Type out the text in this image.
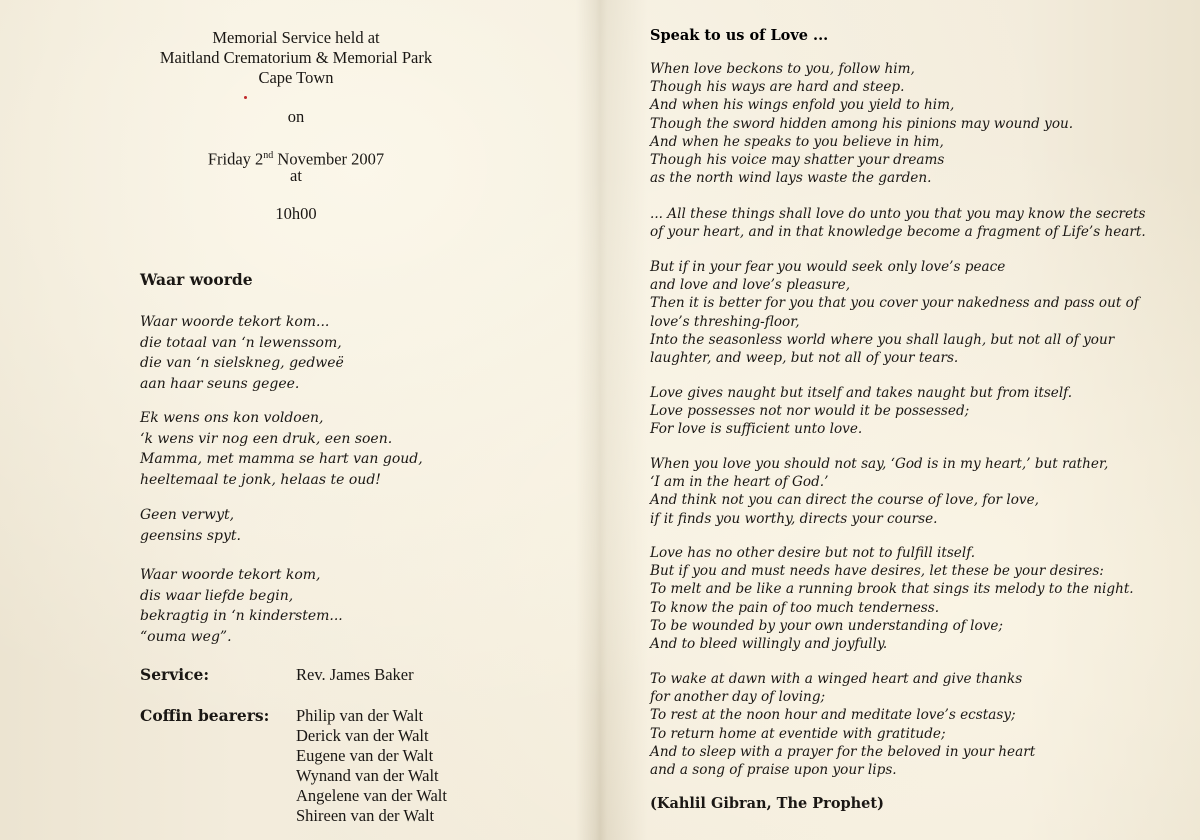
Memorial Service held at
Maitland Crematorium & Memorial Park
Cape Town
on
Friday 2nd November 2007
at
10h00
Waar woorde
Waar woorde tekort kom...
die totaal van ‘n lewenssom,
die van ‘n sielskneg, gedweë
aan haar seuns gegee.
Ek wens ons kon voldoen,
‘k wens vir nog een druk, een soen.
Mamma, met mamma se hart van goud,
heeltemaal te jonk, helaas te oud!
Geen verwyt,
geensins spyt.
Waar woorde tekort kom,
dis waar liefde begin,
bekragtig in ‘n kinderstem...
“ouma weg”.
Service:	Rev. James Baker
Coffin bearers: Philip van der Walt
Derick van der Walt
Eugene van der Walt
Wynand van der Walt
Angelene van der Walt
Shireen van der Walt
Speak to us of Love ...
When love beckons to you, follow him,
Though his ways are hard and steep.
And when his wings enfold you yield to him,
Though the sword hidden among his pinions may wound you.
And when he speaks to you believe in him,
Though his voice may shatter your dreams
as the north wind lays waste the garden.
... All these things shall love do unto you that you may know the secrets
of your heart, and in that knowledge become a fragment of Life’s heart.
But if in your fear you would seek only love’s peace
and love and love’s pleasure,
Then it is better for you that you cover your nakedness and pass out of
love’s threshing-floor,
Into the seasonless world where you shall laugh, but not all of your
laughter, and weep, but not all of your tears.
Love gives naught but itself and takes naught but from itself.
Love possesses not nor would it be possessed;
For love is sufficient unto love.
When you love you should not say, ‘God is in my heart,’ but rather,
‘I am in the heart of God.’
And think not you can direct the course of love, for love,
if it finds you worthy, directs your course.
Love has no other desire but not to fulfill itself.
But if you and must needs have desires, let these be your desires:
To melt and be like a running brook that sings its melody to the night.
To know the pain of too much tenderness.
To be wounded by your own understanding of love;
And to bleed willingly and joyfully.
To wake at dawn with a winged heart and give thanks
for another day of loving;
To rest at the noon hour and meditate love’s ecstasy;
To return home at eventide with gratitude;
And to sleep with a prayer for the beloved in your heart
and a song of praise upon your lips.
(Kahlil Gibran, The Prophet)
